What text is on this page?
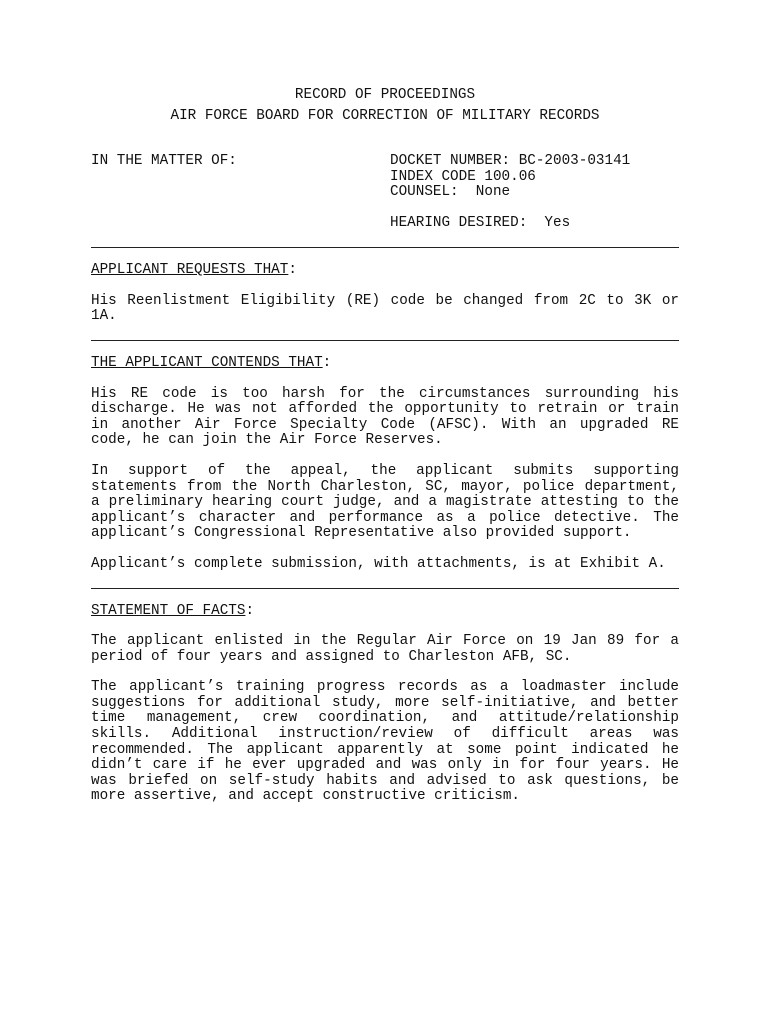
RECORD OF PROCEEDINGS
AIR FORCE BOARD FOR CORRECTION OF MILITARY RECORDS
IN THE MATTER OF:	DOCKET NUMBER: BC-2003-03141
INDEX CODE 100.06
COUNSEL:  None
HEARING DESIRED:  Yes
APPLICANT REQUESTS THAT:

His Reenlistment Eligibility (RE) code be changed from 2C to 3K or 1A.

THE APPLICANT CONTENDS THAT:

His RE code is too harsh for the circumstances surrounding his discharge. He was not afforded the opportunity to retrain or train in another Air Force Specialty Code (AFSC). With an upgraded RE code, he can join the Air Force Reserves.

In support of the appeal, the applicant submits supporting statements from the North Charleston, SC, mayor, police department, a preliminary hearing court judge, and a magistrate attesting to the applicant’s character and performance as a police detective. The applicant’s Congressional Representative also provided support.

Applicant’s complete submission, with attachments, is at Exhibit A.

STATEMENT OF FACTS:

The applicant enlisted in the Regular Air Force on 19 Jan 89 for a period of four years and assigned to Charleston AFB, SC.

The applicant’s training progress records as a loadmaster include suggestions for additional study, more self-initiative, and better time management, crew coordination, and attitude/relationship skills. Additional instruction/review of difficult areas was recommended. The applicant apparently at some point indicated he didn’t care if he ever upgraded and was only in for four years. He was briefed on self-study habits and advised to ask questions, be more assertive, and accept constructive criticism.
